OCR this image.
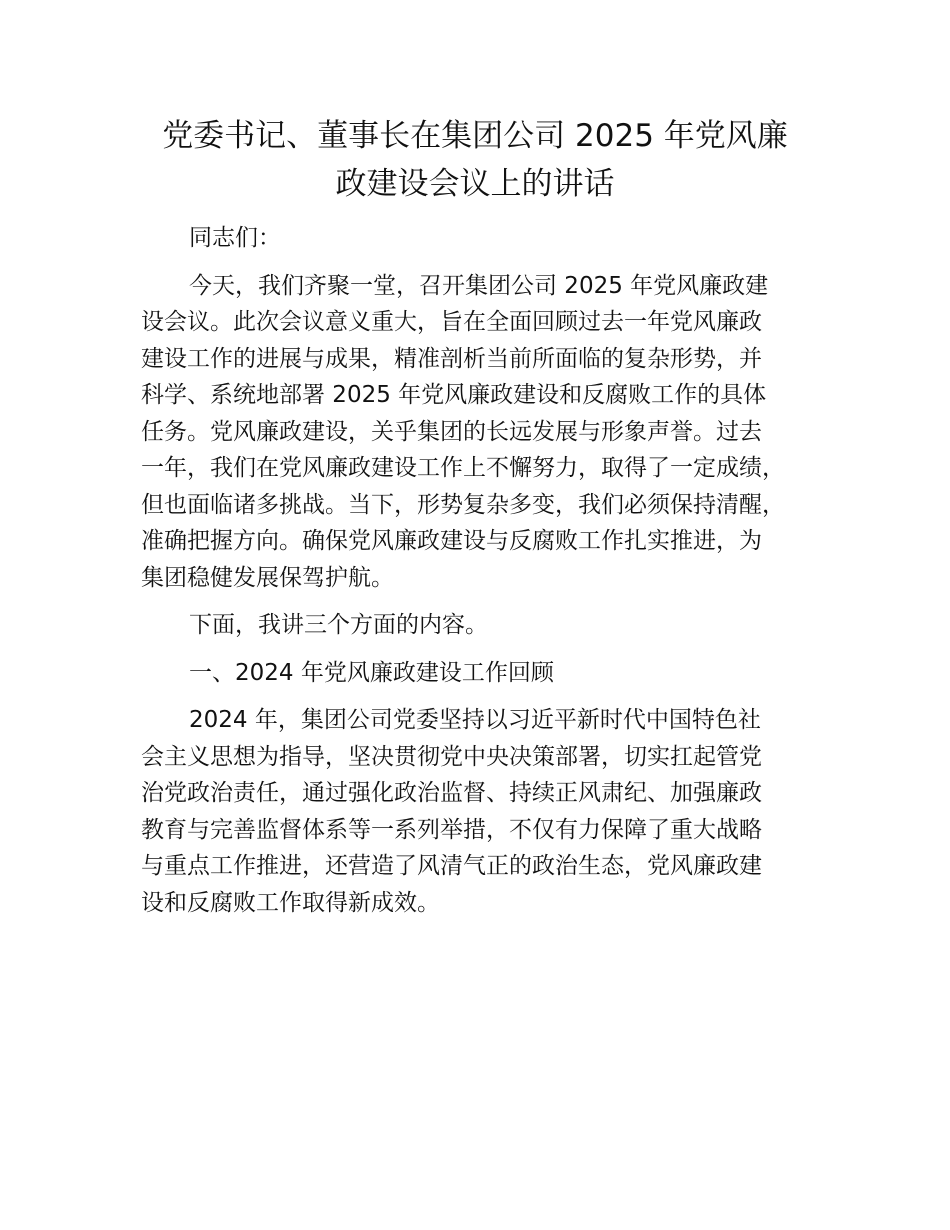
党委书记、董事长在集团公司 2025 年党风廉
政建设会议上的讲话

同志们：

今天，我们齐聚一堂，召开集团公司 2025 年党风廉政建
设会议。此次会议意义重大，旨在全面回顾过去一年党风廉政
建设工作的进展与成果，精准剖析当前所面临的复杂形势，并
科学、系统地部署 2025 年党风廉政建设和反腐败工作的具体
任务。党风廉政建设，关乎集团的长远发展与形象声誉。过去
一年，我们在党风廉政建设工作上不懈努力，取得了一定成绩，
但也面临诸多挑战。当下，形势复杂多变，我们必须保持清醒，
准确把握方向。确保党风廉政建设与反腐败工作扎实推进，为
集团稳健发展保驾护航。

下面，我讲三个方面的内容。

一、2024 年党风廉政建设工作回顾

2024 年，集团公司党委坚持以习近平新时代中国特色社
会主义思想为指导，坚决贯彻党中央决策部署，切实扛起管党
治党政治责任，通过强化政治监督、持续正风肃纪、加强廉政
教育与完善监督体系等一系列举措，不仅有力保障了重大战略
与重点工作推进，还营造了风清气正的政治生态，党风廉政建
设和反腐败工作取得新成效。
